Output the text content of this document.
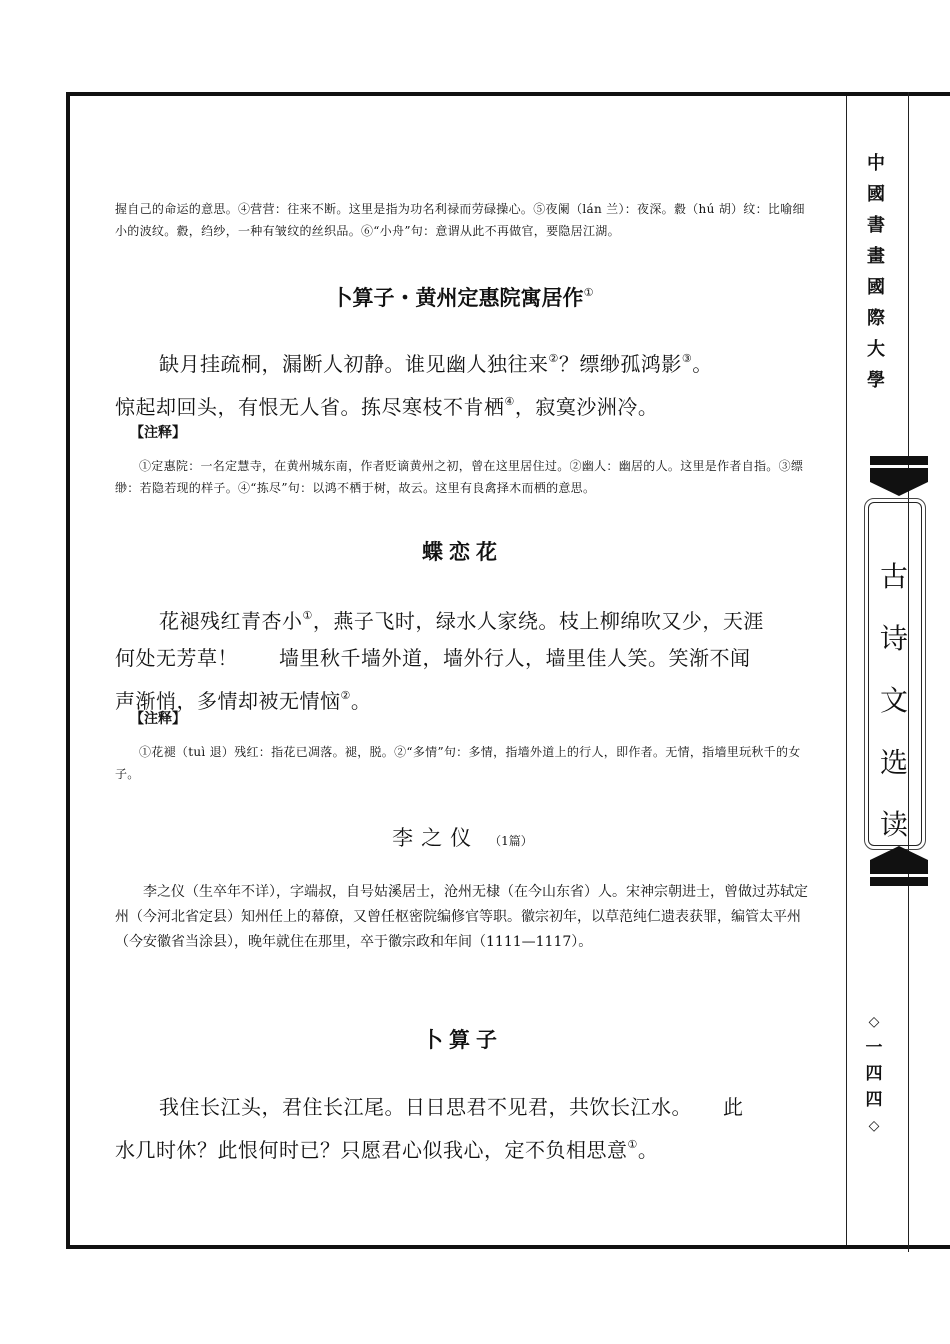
握自己的命运的意思。④营营：往来不断。这里是指为功名利禄而劳碌操心。⑤夜阑（lán 兰）：夜深。縠（hú 胡）纹：比喻细小的波纹。縠，绉纱，一种有皱纹的丝织品。⑥“小舟”句：意谓从此不再做官，要隐居江湖。
卜算子・黄州定惠院寓居作①
缺月挂疏桐，漏断人初静。谁见幽人独往来②？缥缈孤鸿影③。
惊起却回头，有恨无人省。拣尽寒枝不肯栖④，寂寞沙洲冷。
【注释】
①定惠院：一名定慧寺，在黄州城东南，作者贬谪黄州之初，曾在这里居住过。②幽人：幽居的人。这里是作者自指。③缥缈：若隐若现的样子。④“拣尽”句：以鸿不栖于树，故云。这里有良禽择木而栖的意思。
蝶恋花
花褪残红青杏小①，燕子飞时，绿水人家绕。枝上柳绵吹又少，天涯
何处无芳草！　　墙里秋千墙外道，墙外行人，墙里佳人笑。笑渐不闻
声渐悄，多情却被无情恼②。
【注释】
①花褪（tuì 退）残红：指花已凋落。褪，脱。②“多情”句：多情，指墙外道上的行人，即作者。无情，指墙里玩秋千的女子。
李之仪 （1篇）
李之仪（生卒年不详），字端叔，自号姑溪居士，沧州无棣（在今山东省）人。宋神宗朝进士，曾做过苏轼定州（今河北省定县）知州任上的幕僚，又曾任枢密院编修官等职。徽宗初年，以草范纯仁遗表获罪，编管太平州（今安徽省当涂县），晚年就住在那里，卒于徽宗政和年间（1111—1117）。
卜算子
我住长江头，君住长江尾。日日思君不见君，共饮长江水。　　此
水几时休？此恨何时已？只愿君心似我心，定不负相思意①。
中
國
書
畫
國
際
大
學
古
诗
文
选
读
◇
一
四
四
◇
